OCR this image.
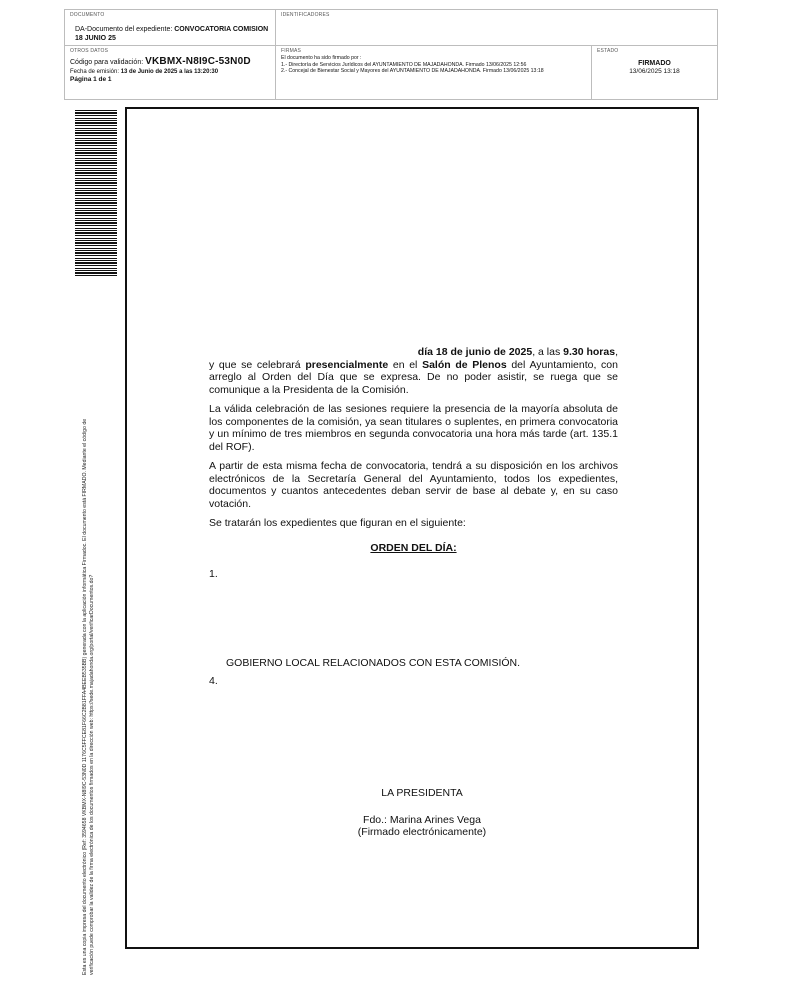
DOCUMENTO
DA-Documento del expediente: CONVOCATORIA COMISION 18 JUNIO 25
IDENTIFICADORES
OTROS DATOS
Código para validación: VKBMX-N8I9C-53N0D
Fecha de emisión: 13 de Junio de 2025 a las 13:20:30
Página 1 de 1
FIRMAS
El documento ha sido firmado por :
1.- Directoría de Servicios Jurídicos del AYUNTAMIENTO DE MAJADAHONDA. Firmado 13/06/2025 12:56
2.- Concejal de Bienestar Social y Mayores del AYUNTAMIENTO DE MAJADAHONDA. Firmado 13/06/2025 13:18
ESTADO
FIRMADO
13/06/2025 13:18
Esta es una copia impresa del documento electrónico (Ref: 3594658 VKBMX-N8I9C-53N0D 1176C5FFCE81F66C2B81FFA4BEEB535BB) generada con la aplicación informática Firmadoc. El documento está FIRMADO. Mediante el código de verificación puede comprobar la validez de la firma electrónica de los documentos firmados en la dirección web: https://sede.majadahonda.org/portal/verificarDocumentos.do?

día 18 de junio de 2025, a las 9.30 horas,

y que se celebrará presencialmente en el Salón de Plenos del Ayuntamiento, con arreglo al Orden del Día que se expresa. De no poder asistir, se ruega que se comunique a la Presidenta de la Comisión.

La válida celebración de las sesiones requiere la presencia de la mayoría absoluta de los componentes de la comisión, ya sean titulares o suplentes, en primera convocatoria y un mínimo de tres miembros en segunda convocatoria una hora más tarde (art. 135.1 del ROF).

A partir de esta misma fecha de convocatoria, tendrá a su disposición en los archivos electrónicos de la Secretaría General del Ayuntamiento, todos los expedientes, documentos y cuantos antecedentes deban servir de base al debate y, en su caso votación.

Se tratarán los expedientes que figuran en el siguiente:

ORDEN DEL DÍA:

1.

GOBIERNO LOCAL RELACIONADOS CON ESTA COMISIÓN.

4.

LA PRESIDENTA
Fdo.: Marina Arines Vega
(Firmado electrónicamente)
